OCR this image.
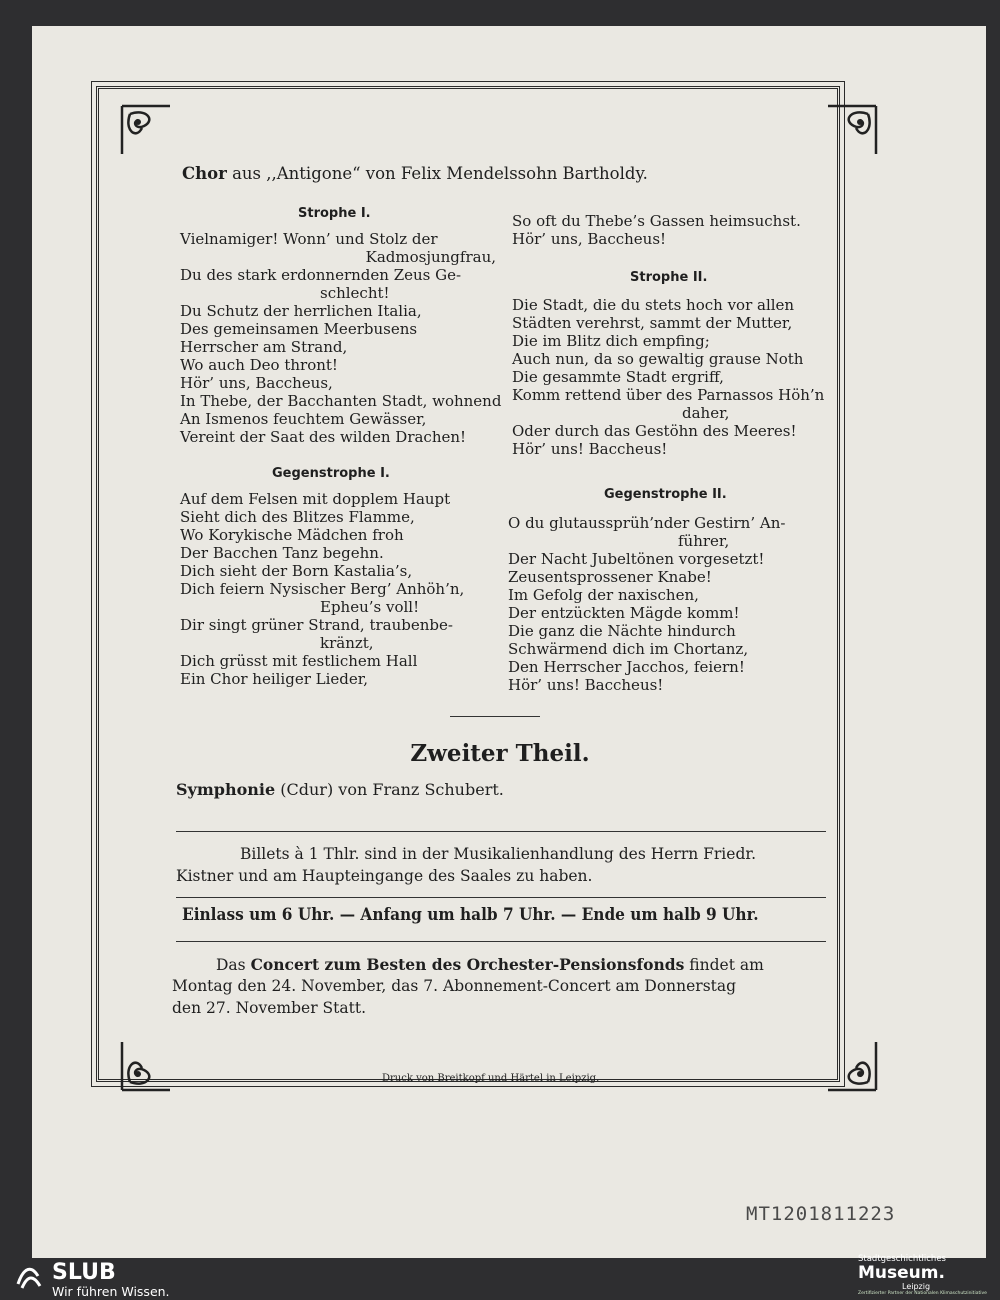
Chor aus ,,Antigone“ von Felix Mendelssohn Bartholdy.
Strophe I.
Vielnamiger! Wonn’ und Stolz der
Kadmosjungfrau,
Du des stark erdonnernden Zeus Ge-
schlecht!
Du Schutz der herrlichen Italia,
Des gemeinsamen Meerbusens
Herrscher am Strand,
Wo auch Deo thront!
Hör’ uns, Baccheus,
In Thebe, der Bacchanten Stadt, wohnend
An Ismenos feuchtem Gewässer,
Vereint der Saat des wilden Drachen!
Gegenstrophe I.
Auf dem Felsen mit dopplem Haupt
Sieht dich des Blitzes Flamme,
Wo Korykische Mädchen froh
Der Bacchen Tanz begehn.
Dich sieht der Born Kastalia’s,
Dich feiern Nysischer Berg’ Anhöh’n,
Epheu’s voll!
Dir singt grüner Strand, traubenbe-
kränzt,
Dich grüsst mit festlichem Hall
Ein Chor heiliger Lieder,
So oft du Thebe’s Gassen heimsuchst.
Hör’ uns, Baccheus!
Strophe II.
Die Stadt, die du stets hoch vor allen
Städten verehrst, sammt der Mutter,
Die im Blitz dich empfing;
Auch nun, da so gewaltig grause Noth
Die gesammte Stadt ergriff,
Komm rettend über des Parnassos Höh’n
daher,
Oder durch das Gestöhn des Meeres!
Hör’ uns! Baccheus!
Gegenstrophe II.
O du glutaussprüh’nder Gestirn’ An-
führer,
Der Nacht Jubeltönen vorgesetzt!
Zeusentsprossener Knabe!
Im Gefolg der naxischen,
Der entzückten Mägde komm!
Die ganz die Nächte hindurch
Schwärmend dich im Chortanz,
Den Herrscher Jacchos, feiern!
Hör’ uns! Baccheus!
Zweiter Theil.
Symphonie (Cdur) von Franz Schubert.
Billets à 1 Thlr. sind in der Musikalienhandlung des Herrn Friedr.
Kistner und am Haupteingange des Saales zu haben.
Einlass um 6 Uhr. — Anfang um halb 7 Uhr. — Ende um halb 9 Uhr.
Das Concert zum Besten des Orchester-Pensionsfonds findet am
Montag den 24. November, das 7. Abonnement-Concert am Donnerstag
den 27. November Statt.
Druck von Breitkopf und Härtel in Leipzig.
MT1201811223
SLUB
Wir führen Wissen.
Stadtgeschichtliches
Museum.
Leipzig
Zertifizierter Partner der Nationalen Klimaschutzinitiative
